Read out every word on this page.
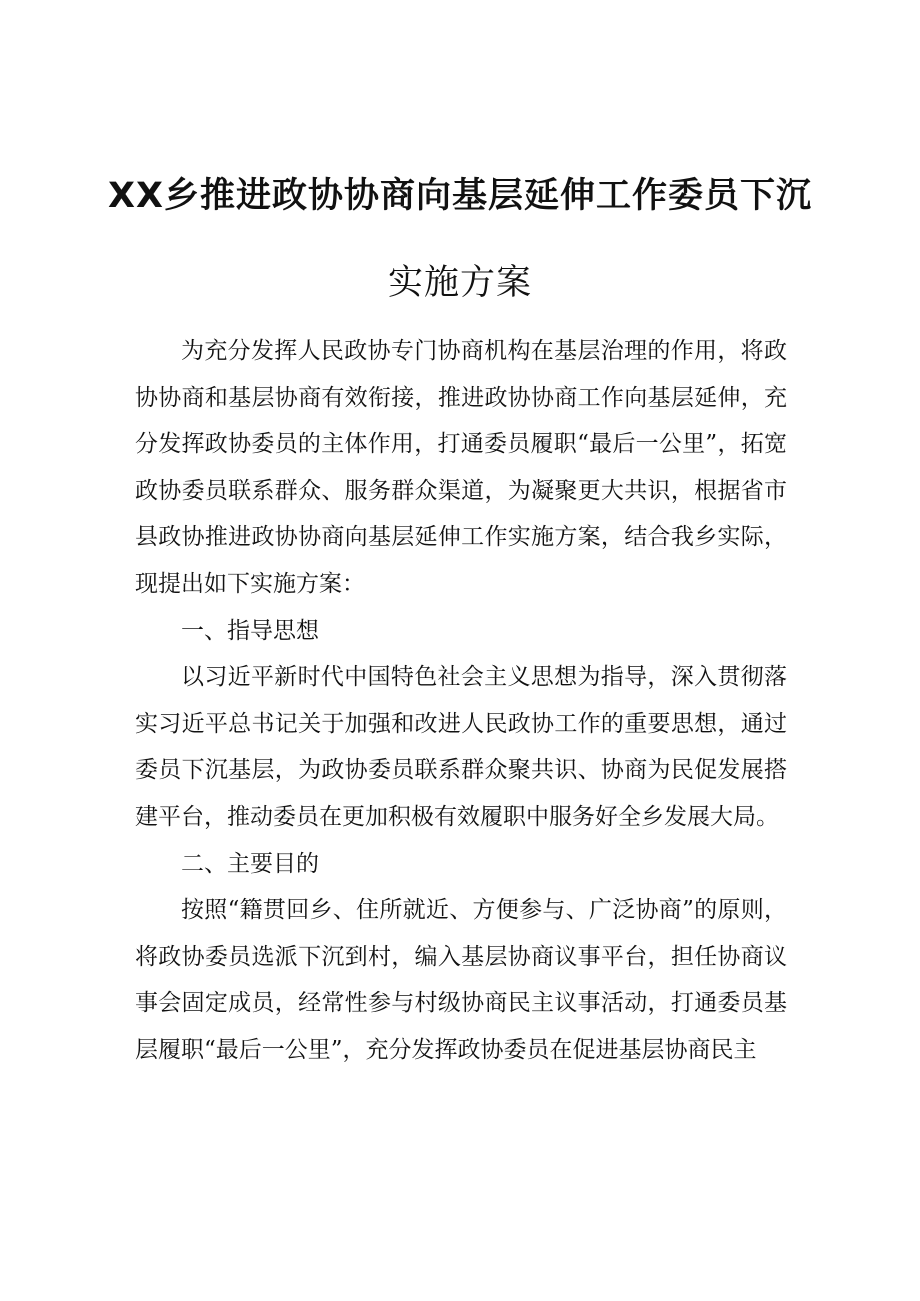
XX乡推进政协协商向基层延伸工作委员下沉
实施方案

为充分发挥人民政协专门协商机构在基层治理的作用，将政协协商和基层协商有效衔接，推进政协协商工作向基层延伸，充分发挥政协委员的主体作用，打通委员履职“最后一公里”，拓宽政协委员联系群众、服务群众渠道，为凝聚更大共识，根据省市县政协推进政协协商向基层延伸工作实施方案，结合我乡实际，现提出如下实施方案：

一、指导思想

以习近平新时代中国特色社会主义思想为指导，深入贯彻落实习近平总书记关于加强和改进人民政协工作的重要思想，通过委员下沉基层，为政协委员联系群众聚共识、协商为民促发展搭建平台，推动委员在更加积极有效履职中服务好全乡发展大局。

二、主要目的

按照“籍贯回乡、住所就近、方便参与、广泛协商”的原则，将政协委员选派下沉到村，编入基层协商议事平台，担任协商议事会固定成员，经常性参与村级协商民主议事活动，打通委员基层履职“最后一公里”，充分发挥政协委员在促进基层协商民主
